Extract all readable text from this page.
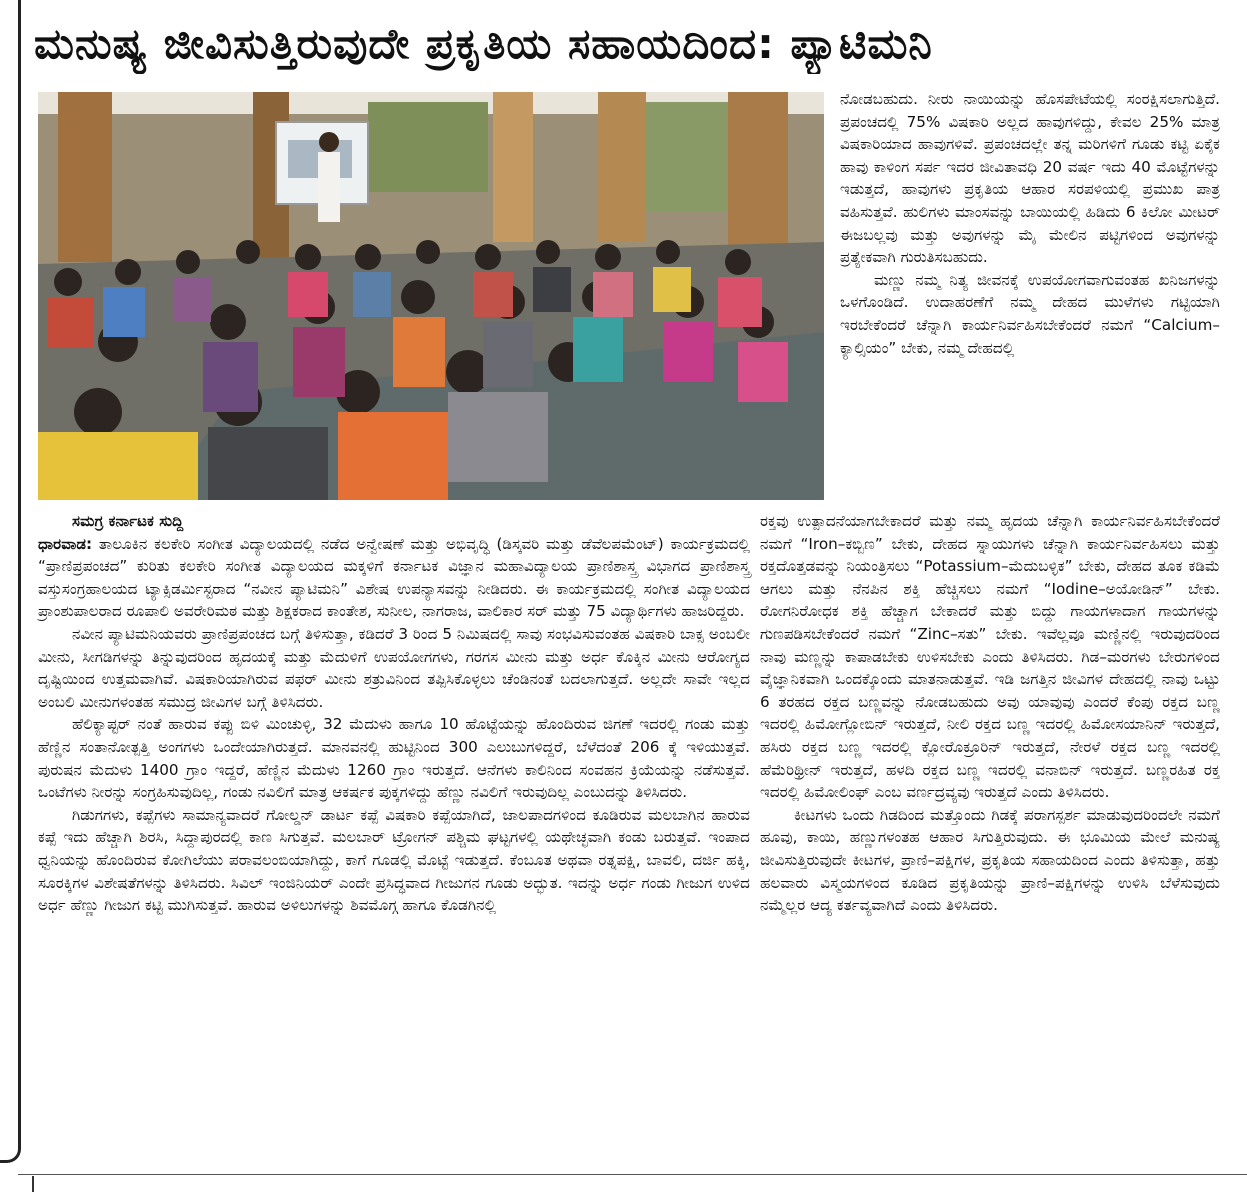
ಮನುಷ್ಯ ಜೀವಿಸುತ್ತಿರುವುದೇ ಪ್ರಕೃತಿಯ ಸಹಾಯದಿಂದ: ಪ್ಯಾಟಿಮನಿ

ನೋಡಬಹುದು. ನೀರು ನಾಯಿಯನ್ನು ಹೊಸಪೇಟೆಯಲ್ಲಿ ಸಂರಕ್ಷಿಸಲಾಗುತ್ತಿದೆ. ಪ್ರಪಂಚದಲ್ಲಿ 75% ವಿಷಕಾರಿ ಅಲ್ಲದ ಹಾವುಗಳಿದ್ದು, ಕೇವಲ 25% ಮಾತ್ರ ವಿಷಕಾರಿಯಾದ ಹಾವುಗಳಿವೆ. ಪ್ರಪಂಚದಲ್ಲೇ ತನ್ನ ಮರಿಗಳಿಗೆ ಗೂಡು ಕಟ್ಟಿ ಏಕೈಕ ಹಾವು ಕಾಳಿಂಗ ಸರ್ಪ ಇದರ ಜೀವಿತಾವಧಿ 20 ವರ್ಷ ಇದು 40 ಮೊಟ್ಟೆಗಳನ್ನು ಇಡುತ್ತದೆ, ಹಾವುಗಳು ಪ್ರಕೃತಿಯ ಆಹಾರ ಸರಪಳಿಯಲ್ಲಿ ಪ್ರಮುಖ ಪಾತ್ರ ವಹಿಸುತ್ತವೆ. ಹುಲಿಗಳು ಮಾಂಸವನ್ನು ಬಾಯಿಯಲ್ಲಿ ಹಿಡಿದು 6 ಕಿಲೋ ಮೀಟರ್ ಈಜಬಲ್ಲವು ಮತ್ತು ಅವುಗಳನ್ನು ಮೈ ಮೇಲಿನ ಪಟ್ಟಿಗಳಿಂದ ಅವುಗಳನ್ನು ಪ್ರತ್ಯೇಕವಾಗಿ ಗುರುತಿಸಬಹುದು.

ಮಣ್ಣು ನಮ್ಮ ನಿತ್ಯ ಜೀವನಕ್ಕೆ ಉಪಯೋಗವಾಗುವಂತಹ ಖನಿಜಗಳನ್ನು ಒಳಗೊಂಡಿದೆ. ಉದಾಹರಣೆಗೆ ನಮ್ಮ ದೇಹದ ಮುಳೆಗಳು ಗಟ್ಟಿಯಾಗಿ ಇರಬೇಕೆಂದರೆ ಚೆನ್ನಾಗಿ ಕಾರ್ಯನಿರ್ವಹಿಸಬೇಕೆಂದರೆ ನಮಗೆ “Calcium–ಕ್ಯಾಲ್ಸಿಯಂ” ಬೇಕು, ನಮ್ಮ ದೇಹದಲ್ಲಿ

ಸಮಗ್ರ ಕರ್ನಾಟಕ ಸುದ್ದಿ

ಧಾರವಾಡ: ತಾಲೂಕಿನ ಕಲಕೇರಿ ಸಂಗೀತ ವಿದ್ಯಾಲಯದಲ್ಲಿ ನಡೆದ ಅನ್ವೇಷಣೆ ಮತ್ತು ಅಭಿವೃದ್ಧಿ (ಡಿಸ್ಕವರಿ ಮತ್ತು ಡೆವೆಲಪಮೆಂಟ್) ಕಾರ್ಯಕ್ರಮದಲ್ಲಿ “ಪ್ರಾಣಿಪ್ರಪಂಚದ” ಕುರಿತು ಕಲಕೇರಿ ಸಂಗೀತ ವಿದ್ಯಾಲಯದ ಮಕ್ಕಳಿಗೆ ಕರ್ನಾಟಕ ವಿಜ್ಞಾನ ಮಹಾವಿದ್ಯಾಲಯ ಪ್ರಾಣಿಶಾಸ್ತ್ರ ವಿಭಾಗದ ಪ್ರಾಣಿಶಾಸ್ತ್ರ ವಸ್ತುಸಂಗ್ರಹಾಲಯದ ಟ್ಯಾಕ್ಸಿಡರ್ಮಿಸ್ಟರಾದ “ನವೀನ ಪ್ಯಾಟಿಮನಿ” ವಿಶೇಷ ಉಪನ್ಯಾಸವನ್ನು ನೀಡಿದರು. ಈ ಕಾರ್ಯಕ್ರಮದಲ್ಲಿ ಸಂಗೀತ ವಿದ್ಯಾಲಯದ ಪ್ರಾಂಶುಪಾಲರಾದ ರೂಪಾಲಿ ಅವರೇರಿಮಠ ಮತ್ತು ಶಿಕ್ಷಕರಾದ ಕಾಂತೇಶ, ಸುನೀಲ, ನಾಗರಾಜ, ವಾಲಿಕಾರ ಸರ್ ಮತ್ತು 75 ವಿದ್ಯಾರ್ಥಿಗಳು ಹಾಜರಿದ್ದರು.

ನವೀನ ಪ್ಯಾಟಿಮನಿಯವರು ಪ್ರಾಣಿಪ್ರಪಂಚದ ಬಗ್ಗೆ ತಿಳಿಸುತ್ತಾ, ಕಡಿದರೆ 3 ರಿಂದ 5 ನಿಮಿಷದಲ್ಲಿ ಸಾವು ಸಂಭವಿಸುವಂತಹ ವಿಷಕಾರಿ ಬಾಕ್ಸ ಅಂಬಲೀ ಮೀನು, ಸೀಗಡಿಗಳನ್ನು ತಿನ್ನುವುದರಿಂದ ಹೃದಯಕ್ಕೆ ಮತ್ತು ಮೆದುಳಿಗೆ ಉಪಯೋಗಗಳು, ಗರಗಸ ಮೀನು ಮತ್ತು ಅರ್ಧ ಕೊಕ್ಕಿನ ಮೀನು ಆರೋಗ್ಯದ ದೃಷ್ಟಿಯಿಂದ ಉತ್ತಮವಾಗಿವೆ. ವಿಷಕಾರಿಯಾಗಿರುವ ಪಫರ್ ಮೀನು ಶತ್ರುವಿನಿಂದ ತಪ್ಪಿಸಿಕೊಳ್ಳಲು ಚೆಂಡಿನಂತೆ ಬದಲಾಗುತ್ತದೆ. ಅಲ್ಲದೇ ಸಾವೇ ಇಲ್ಲದ ಅಂಬಲಿ ಮೀನುಗಳಂತಹ ಸಮುದ್ರ ಜೀವಿಗಳ ಬಗ್ಗೆ ತಿಳಿಸಿದರು.

ಹೆಲಿಕ್ಯಾಪ್ಟರ್ ನಂತೆ ಹಾರುವ ಕಪ್ಪು ಬಿಳಿ ಮಿಂಚುಳ್ಳಿ, 32 ಮೆದುಳು ಹಾಗೂ 10 ಹೊಟ್ಟೆಯನ್ನು ಹೊಂದಿರುವ ಜಿಗಣೆ ಇದರಲ್ಲಿ ಗಂಡು ಮತ್ತು ಹೆಣ್ಣಿನ ಸಂತಾನೋತ್ಪತ್ತಿ ಅಂಗಗಳು ಒಂದೇಯಾಗಿರುತ್ತದೆ. ಮಾನವನಲ್ಲಿ ಹುಟ್ಟಿನಿಂದ 300 ಎಲುಬುಗಳಿದ್ದರೆ, ಬೆಳೆದಂತೆ 206 ಕ್ಕೆ ಇಳಿಯುತ್ತವೆ. ಪುರುಷನ ಮೆದುಳು 1400 ಗ್ರಾಂ ಇದ್ದರೆ, ಹೆಣ್ಣಿನ ಮೆದುಳು 1260 ಗ್ರಾಂ ಇರುತ್ತದೆ. ಆನೆಗಳು ಕಾಲಿನಿಂದ ಸಂವಹನ ಕ್ರಿಯೆಯನ್ನು ನಡೆಸುತ್ತವೆ. ಒಂಟೆಗಳು ನೀರನ್ನು ಸಂಗ್ರಹಿಸುವುದಿಲ್ಲ, ಗಂಡು ನವಿಲಿಗೆ ಮಾತ್ರ ಆಕರ್ಷಕ ಪುಕ್ಕಗಳಿದ್ದು ಹೆಣ್ಣು ನವಿಲಿಗೆ ಇರುವುದಿಲ್ಲ ಎಂಬುದನ್ನು ತಿಳಿಸಿದರು.

ಗಿಡುಗಗಳು, ಕಪ್ಪೆಗಳು ಸಾಮಾನ್ಯವಾದರೆ ಗೋಲ್ಡನ್ ಡಾರ್ಟ ಕಪ್ಪೆ ವಿಷಕಾರಿ ಕಪ್ಪೆಯಾಗಿದೆ, ಜಾಲಪಾದಗಳಿಂದ ಕೂಡಿರುವ ಮಲಬಾಗಿನ ಹಾರುವ ಕಪ್ಪೆ ಇದು ಹೆಚ್ಚಾಗಿ ಶಿರಸಿ, ಸಿದ್ದಾಪುರದಲ್ಲಿ ಕಾಣ ಸಿಗುತ್ತವೆ. ಮಲಬಾರ್ ಟ್ರೋಗನ್ ಪಶ್ಚಿಮ ಘಟ್ಟಗಳಲ್ಲಿ ಯಥೇಚ್ಛವಾಗಿ ಕಂಡು ಬರುತ್ತವೆ. ಇಂಪಾದ ಧ್ವನಿಯನ್ನು ಹೊಂದಿರುವ ಕೋಗಿಲೆಯು ಪರಾವಲಂಬಿಯಾಗಿದ್ದು, ಕಾಗೆ ಗೂಡಲ್ಲಿ ಮೊಟ್ಟೆ ಇಡುತ್ತದೆ. ಕೆಂಬೂತ ಅಥವಾ ರತ್ನಪಕ್ಷಿ, ಬಾವಲಿ, ದರ್ಜಿ ಹಕ್ಕಿ, ಸೂರಕ್ಕಿಗಳ ವಿಶೇಷತೆಗಳನ್ನು ತಿಳಿಸಿದರು. ಸಿವಿಲ್ ಇಂಜಿನಿಯರ್ ಎಂದೇ ಪ್ರಸಿದ್ಧವಾದ ಗೀಜುಗನ ಗೂಡು ಅದ್ಭುತ. ಇದನ್ನು ಅರ್ಧ ಗಂಡು ಗೀಜುಗ ಉಳಿದ ಅರ್ಧ ಹೆಣ್ಣು ಗೀಜುಗ ಕಟ್ಟಿ ಮುಗಿಸುತ್ತವೆ. ಹಾರುವ ಅಳಿಲುಗಳನ್ನು ಶಿವಮೊಗ್ಗ ಹಾಗೂ ಕೊಡಗಿನಲ್ಲಿ

ರಕ್ತವು ಉತ್ಪಾದನೆಯಾಗಬೇಕಾದರೆ ಮತ್ತು ನಮ್ಮ ಹೃದಯ ಚೆನ್ನಾಗಿ ಕಾರ್ಯನಿರ್ವಹಿಸಬೇಕೆಂದರೆ ನಮಗೆ “Iron–ಕಬ್ಬಿಣ” ಬೇಕು, ದೇಹದ ಸ್ನಾಯುಗಳು ಚೆನ್ನಾಗಿ ಕಾರ್ಯನಿರ್ವಹಿಸಲು ಮತ್ತು ರಕ್ತದೊತ್ತಡವನ್ನು ನಿಯಂತ್ರಿಸಲು “Potassium–ಮೆದುಬಳ್ಳಿಕ” ಬೇಕು, ದೇಹದ ತೂಕ ಕಡಿಮೆ ಆಗಲು ಮತ್ತು ನೆನಪಿನ ಶಕ್ತಿ ಹೆಚ್ಚಿಸಲು ನಮಗೆ “Iodine–ಅಯೋಡಿನ್” ಬೇಕು. ರೋಗನಿರೋಧಕ ಶಕ್ತಿ ಹೆಚ್ಚಾಗ ಬೇಕಾದರೆ ಮತ್ತು ಬಿದ್ದು ಗಾಯಗಳಾದಾಗ ಗಾಯಗಳನ್ನು ಗುಣಪಡಿಸಬೇಕೆಂದರೆ ನಮಗೆ “Zinc–ಸತು” ಬೇಕು. ಇವೆಲ್ಲವೂ ಮಣ್ಣಿನಲ್ಲಿ ಇರುವುದರಿಂದ ನಾವು ಮಣ್ಣನ್ನು ಕಾಪಾಡಬೇಕು ಉಳಿಸಬೇಕು ಎಂದು ತಿಳಿಸಿದರು. ಗಿಡ–ಮರಗಳು ಬೇರುಗಳಿಂದ ವೈಜ್ಞಾನಿಕವಾಗಿ ಒಂದಕ್ಕೊಂದು ಮಾತನಾಡುತ್ತವೆ. ಇಡಿ ಜಗತ್ತಿನ ಜೀವಿಗಳ ದೇಹದಲ್ಲಿ ನಾವು ಒಟ್ಟು 6 ತರಹದ ರಕ್ತದ ಬಣ್ಣವನ್ನು ನೋಡಬಹುದು ಅವು ಯಾವುವು ಎಂದರೆ ಕೆಂಪು ರಕ್ತದ ಬಣ್ಣ ಇದರಲ್ಲಿ ಹಿಮೋಗ್ಲೋಬಿನ್ ಇರುತ್ತದೆ, ನೀಲಿ ರಕ್ತದ ಬಣ್ಣ ಇದರಲ್ಲಿ ಹಿಮೋಸಯಾನಿನ್ ಇರುತ್ತದೆ, ಹಸಿರು ರಕ್ತದ ಬಣ್ಣ ಇದರಲ್ಲಿ ಕ್ಲೋರೊಕ್ರೂರಿನ್ ಇರುತ್ತದೆ, ನೇರಳೆ ರಕ್ತದ ಬಣ್ಣ ಇದರಲ್ಲಿ ಹೆಮೆರಿಥ್ರೀನ್ ಇರುತ್ತದೆ, ಹಳದಿ ರಕ್ತದ ಬಣ್ಣ ಇದರಲ್ಲಿ ವನಾಬಿನ್ ಇರುತ್ತದೆ. ಬಣ್ಣರಹಿತ ರಕ್ತ ಇದರಲ್ಲಿ ಹಿಮೋಲಿಂಫ್ ಎಂಬ ವರ್ಣದ್ರವ್ಯವು ಇರುತ್ತದೆ ಎಂದು ತಿಳಿಸಿದರು.

ಕೀಟಗಳು ಒಂದು ಗಿಡದಿಂದ ಮತ್ತೊಂದು ಗಿಡಕ್ಕೆ ಪರಾಗಸ್ಪರ್ಶ ಮಾಡುವುದರಿಂದಲೇ ನಮಗೆ ಹೂವು, ಕಾಯಿ, ಹಣ್ಣುಗಳಂತಹ ಆಹಾರ ಸಿಗುತ್ತಿರುವುದು. ಈ ಭೂಮಿಯ ಮೇಲೆ ಮನುಷ್ಯ ಜೀವಿಸುತ್ತಿರುವುದೇ ಕೀಟಗಳ, ಪ್ರಾಣಿ–ಪಕ್ಷಿಗಳ, ಪ್ರಕೃತಿಯ ಸಹಾಯದಿಂದ ಎಂದು ತಿಳಿಸುತ್ತಾ, ಹತ್ತು ಹಲವಾರು ವಿಸ್ಮಯಗಳಿಂದ ಕೂಡಿದ ಪ್ರಕೃತಿಯನ್ನು ಪ್ರಾಣಿ–ಪಕ್ಷಿಗಳನ್ನು ಉಳಿಸಿ ಬೆಳೆಸುವುದು ನಮ್ಮೆಲ್ಲರ ಆದ್ಯ ಕರ್ತವ್ಯವಾಗಿದೆ ಎಂದು ತಿಳಿಸಿದರು.
